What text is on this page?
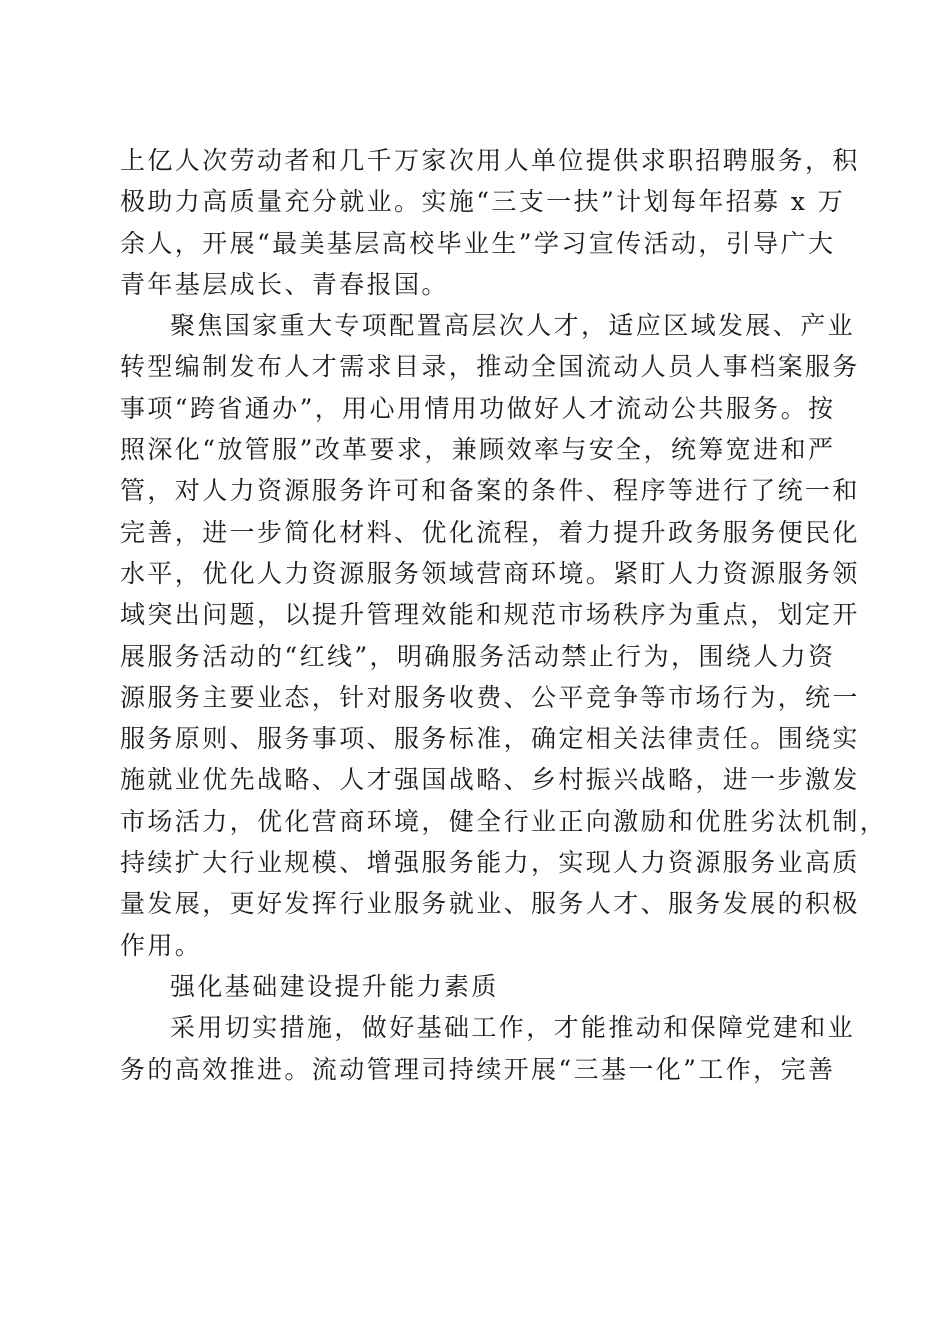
上亿人次劳动者和几千万家次用人单位提供求职招聘服务，积
极助力高质量充分就业。实施“三支一扶”计划每年招募 x 万
余人，开展“最美基层高校毕业生”学习宣传活动，引导广大
青年基层成长、青春报国。
聚焦国家重大专项配置高层次人才，适应区域发展、产业
转型编制发布人才需求目录，推动全国流动人员人事档案服务
事项“跨省通办”，用心用情用功做好人才流动公共服务。按
照深化“放管服”改革要求，兼顾效率与安全，统筹宽进和严
管，对人力资源服务许可和备案的条件、程序等进行了统一和
完善，进一步简化材料、优化流程，着力提升政务服务便民化
水平，优化人力资源服务领域营商环境。紧盯人力资源服务领
域突出问题，以提升管理效能和规范市场秩序为重点，划定开
展服务活动的“红线”，明确服务活动禁止行为，围绕人力资
源服务主要业态，针对服务收费、公平竞争等市场行为，统一
服务原则、服务事项、服务标准，确定相关法律责任。围绕实
施就业优先战略、人才强国战略、乡村振兴战略，进一步激发
市场活力，优化营商环境，健全行业正向激励和优胜劣汰机制，
持续扩大行业规模、增强服务能力，实现人力资源服务业高质
量发展，更好发挥行业服务就业、服务人才、服务发展的积极
作用。
强化基础建设提升能力素质
采用切实措施，做好基础工作，才能推动和保障党建和业
务的高效推进。流动管理司持续开展“三基一化”工作，完善
